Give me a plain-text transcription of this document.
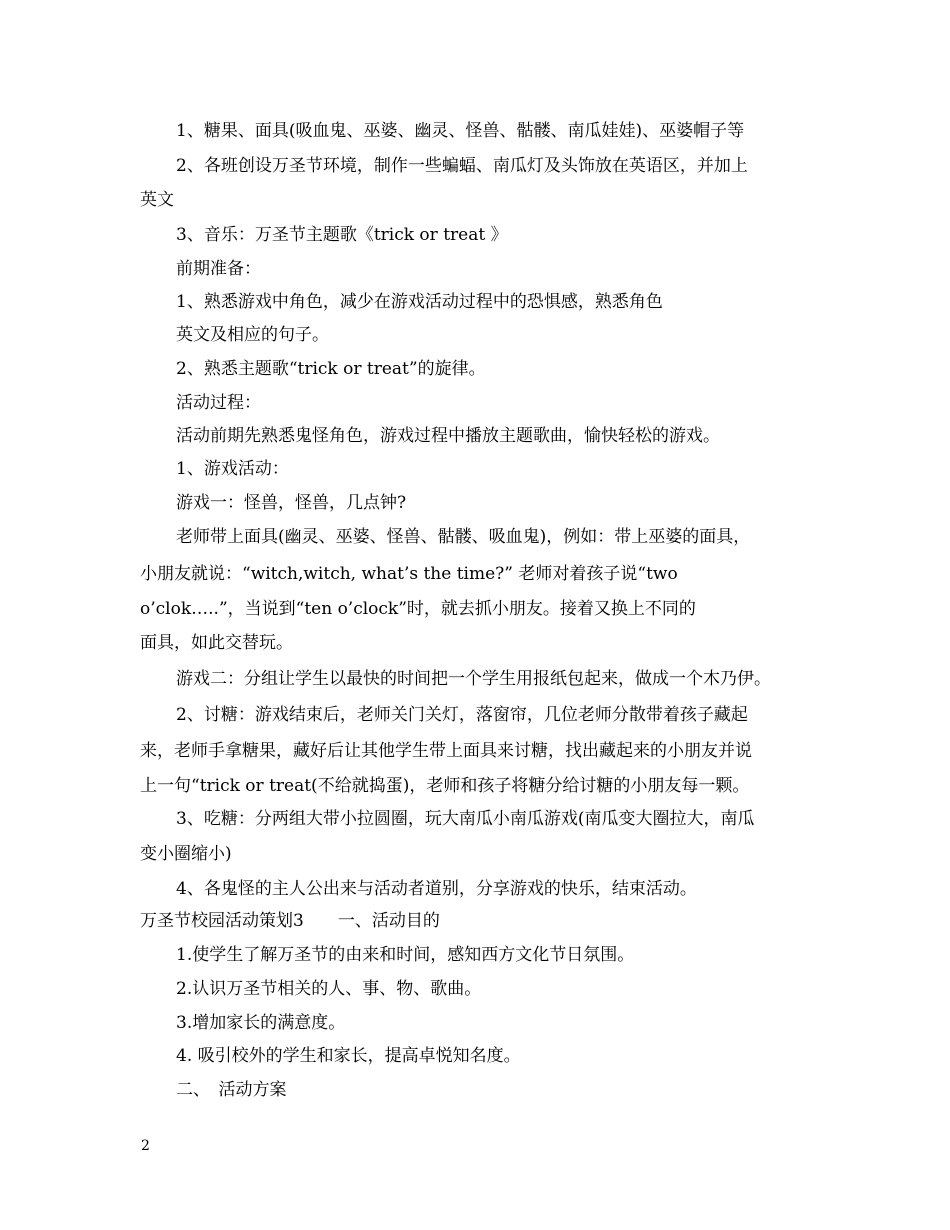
1、糖果、面具(吸血鬼、巫婆、幽灵、怪兽、骷髅、南瓜娃娃)、巫婆帽子等
2、各班创设万圣节环境，制作一些蝙蝠、南瓜灯及头饰放在英语区，并加上
英文
3、音乐：万圣节主题歌《trick or treat 》
前期准备：
1、熟悉游戏中角色，减少在游戏活动过程中的恐惧感，熟悉角色
英文及相应的句子。
2、熟悉主题歌“trick or treat”的旋律。
活动过程：
活动前期先熟悉鬼怪角色，游戏过程中播放主题歌曲，愉快轻松的游戏。
1、游戏活动：
游戏一：怪兽，怪兽，几点钟?
老师带上面具(幽灵、巫婆、怪兽、骷髅、吸血鬼)，例如：带上巫婆的面具，
小朋友就说：“witch,witch, what’s the time?” 老师对着孩子说“two
o’clok…..”，当说到“ten o’clock”时，就去抓小朋友。接着又换上不同的
面具，如此交替玩。
游戏二：分组让学生以最快的时间把一个学生用报纸包起来，做成一个木乃伊。
2、讨糖：游戏结束后，老师关门关灯，落窗帘，几位老师分散带着孩子藏起
来，老师手拿糖果，藏好后让其他学生带上面具来讨糖，找出藏起来的小朋友并说
上一句“trick or treat(不给就捣蛋)，老师和孩子将糖分给讨糖的小朋友每一颗。
3、吃糖：分两组大带小拉圆圈，玩大南瓜小南瓜游戏(南瓜变大圈拉大，南瓜
变小圈缩小)
4、各鬼怪的主人公出来与活动者道别，分享游戏的快乐，结束活动。
万圣节校园活动策划3　　一、活动目的
1.使学生了解万圣节的由来和时间，感知西方文化节日氛围。
2.认识万圣节相关的人、事、物、歌曲。
3.增加家长的满意度。
4. 吸引校外的学生和家长，提高卓悦知名度。
二、　活动方案
2
